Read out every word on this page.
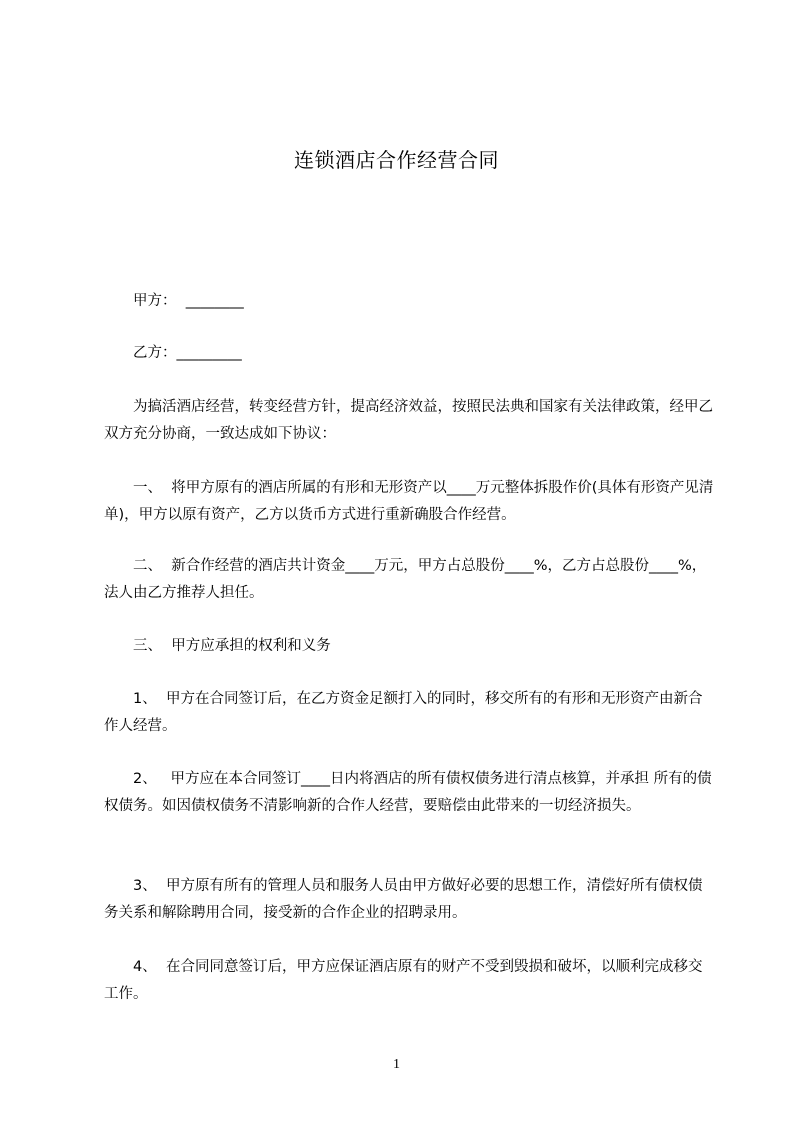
连锁酒店合作经营合同
　　甲方：  ________
　　乙方：_________
　　为搞活酒店经营，转变经营方针，提高经济效益，按照民法典和国家有关法律政策，经甲乙双方充分协商，一致达成如下协议：
　　一、  将甲方原有的酒店所属的有形和无形资产以____万元整体拆股作价(具体有形资产见清单)，甲方以原有资产，乙方以货币方式进行重新确股合作经营。
　　二、  新合作经营的酒店共计资金____万元，甲方占总股份____%，乙方占总股份____%，法人由乙方推荐人担任。
　　三、  甲方应承担的权利和义务
　　1、  甲方在合同签订后，在乙方资金足额打入的同时，移交所有的有形和无形资产由新合作人经营。
　　2、   甲方应在本合同签订____日内将酒店的所有债权债务进行清点核算，并承担 所有的债权债务。如因债权债务不清影响新的合作人经营，要赔偿由此带来的一切经济损失。
　　3、  甲方原有所有的管理人员和服务人员由甲方做好必要的思想工作，清偿好所有债权债务关系和解除聘用合同，接受新的合作企业的招聘录用。
　　4、  在合同同意签订后，甲方应保证酒店原有的财产不受到毁损和破坏，以顺利完成移交工作。
1
